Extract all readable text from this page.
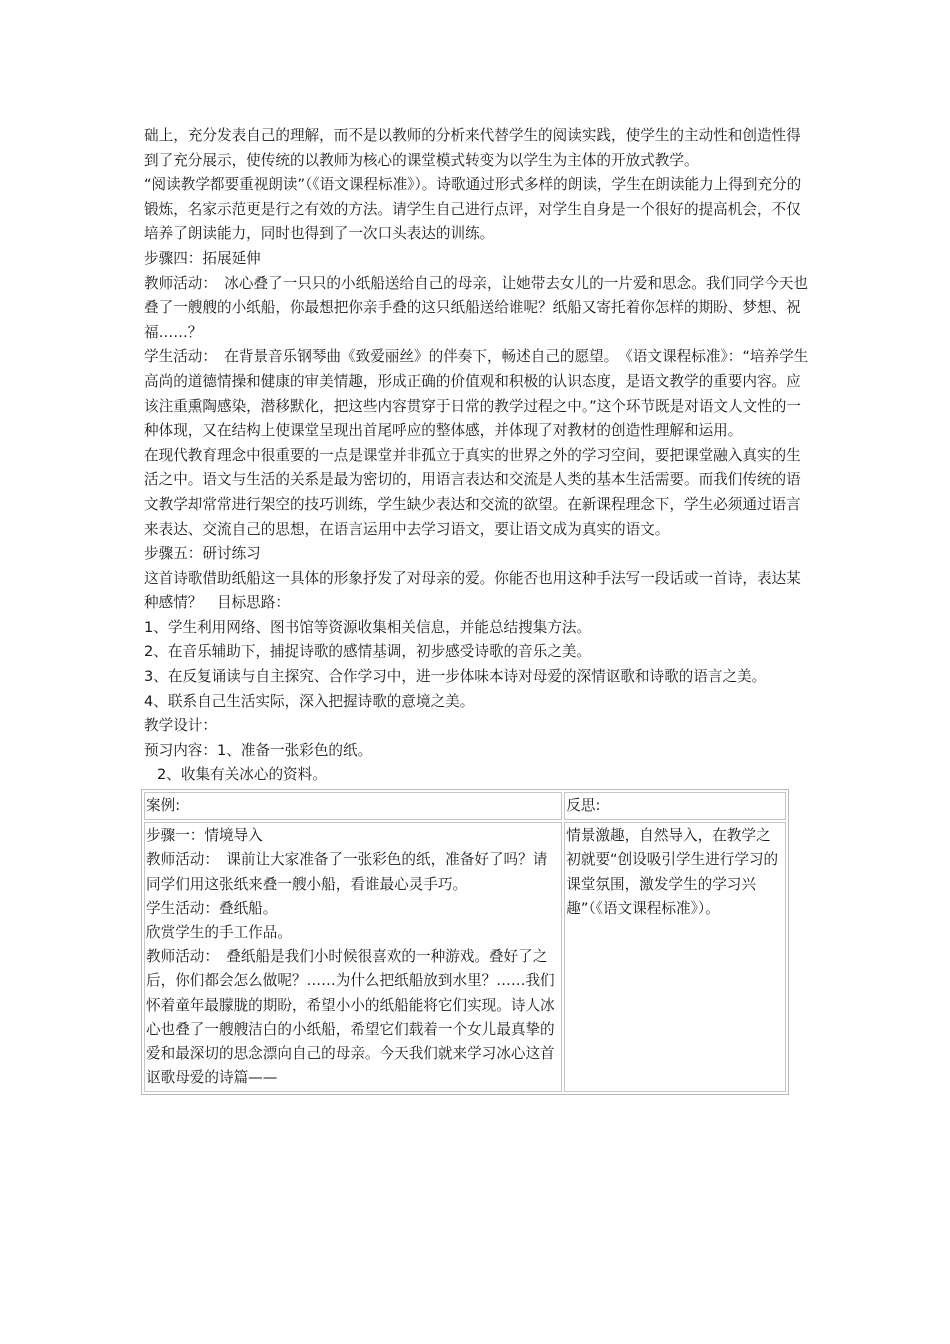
础上，充分发表自己的理解，而不是以教师的分析来代替学生的阅读实践，使学生的主动性和创造性得到了充分展示，使传统的以教师为核心的课堂模式转变为以学生为主体的开放式教学。

“阅读教学都要重视朗读”（《语文课程标准》）。诗歌通过形式多样的朗读，学生在朗读能力上得到充分的锻炼，名家示范更是行之有效的方法。请学生自己进行点评，对学生自身是一个很好的提高机会，不仅培养了朗读能力，同时也得到了一次口头表达的训练。

步骤四：拓展延伸

教师活动：　冰心叠了一只只的小纸船送给自己的母亲，让她带去女儿的一片爱和思念。我们同学今天也叠了一艘艘的小纸船，你最想把你亲手叠的这只纸船送给谁呢？纸船又寄托着你怎样的期盼、梦想、祝福……？

学生活动：　在背景音乐钢琴曲《致爱丽丝》的伴奏下，畅述自己的愿望。　《语文课程标准》：“培养学生高尚的道德情操和健康的审美情趣，形成正确的价值观和积极的认识态度，是语文教学的重要内容。应该注重熏陶感染，潜移默化，把这些内容贯穿于日常的教学过程之中。”这个环节既是对语文人文性的一种体现，又在结构上使课堂呈现出首尾呼应的整体感，并体现了对教材的创造性理解和运用。

在现代教育理念中很重要的一点是课堂并非孤立于真实的世界之外的学习空间，要把课堂融入真实的生活之中。语文与生活的关系是最为密切的，用语言表达和交流是人类的基本生活需要。而我们传统的语文教学却常常进行架空的技巧训练，学生缺少表达和交流的欲望。在新课程理念下，学生必须通过语言来表达、交流自己的思想，在语言运用中去学习语文，要让语文成为真实的语文。

步骤五：研讨练习

这首诗歌借助纸船这一具体的形象抒发了对母亲的爱。你能否也用这种手法写一段话或一首诗，表达某种感情？　目标思路：

1、学生利用网络、图书馆等资源收集相关信息，并能总结搜集方法。

2、在音乐辅助下，捕捉诗歌的感情基调，初步感受诗歌的音乐之美。

3、在反复诵读与自主探究、合作学习中，进一步体味本诗对母爱的深情讴歌和诗歌的语言之美。

4、联系自己生活实际，深入把握诗歌的意境之美。

教学设计：

预习内容：1、准备一张彩色的纸。

2、收集有关冰心的资料。

案例:	反思:

步骤一：情境导入

教师活动：　课前让大家准备了一张彩色的纸，准备好了吗？请同学们用这张纸来叠一艘小船，看谁最心灵手巧。

学生活动：叠纸船。

欣赏学生的手工作品。

教师活动：　叠纸船是我们小时候很喜欢的一种游戏。叠好了之后，你们都会怎么做呢？……为什么把纸船放到水里？……我们怀着童年最朦胧的期盼，希望小小的纸船能将它们实现。诗人冰心也叠了一艘艘洁白的小纸船，希望它们载着一个女儿最真挚的爱和最深切的思念漂向自己的母亲。今天我们就来学习冰心这首讴歌母爱的诗篇——	情景激趣，自然导入，在教学之初就要“创设吸引学生进行学习的课堂氛围，激发学生的学习兴趣”（《语文课程标准》）。
